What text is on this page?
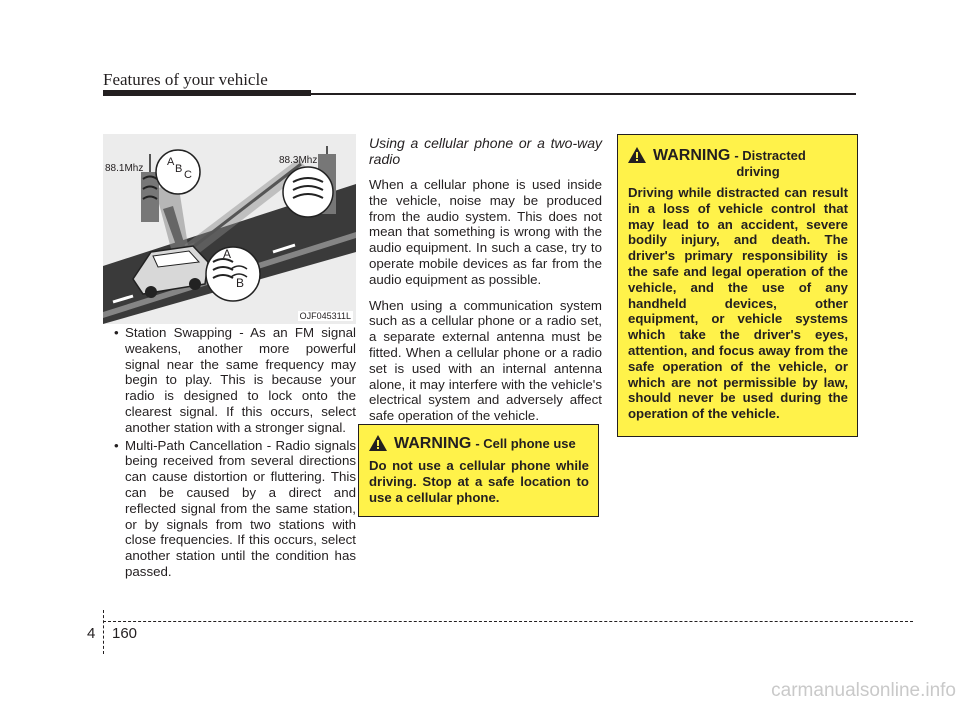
Features of your vehicle
88.1Mhz
88.3Mhz
A
B C
A
B
OJF045311L
• Station Swapping - As an FM signal weakens, another more powerful signal near the same frequency may begin to play. This is because your radio is designed to lock onto the clearest signal. If this occurs, select another station with a stronger signal.
• Multi-Path Cancellation - Radio signals being received from several directions can cause distortion or fluttering. This can be caused by a direct and reflected signal from the same station, or by signals from two stations with close frequencies. If this occurs, select another station until the condition has passed.
Using a cellular phone or a two-way radio

When a cellular phone is used inside the vehicle, noise may be produced from the audio system. This does not mean that something is wrong with the audio equipment. In such a case, try to operate mobile devices as far from the audio equipment as possible.

When using a communication system such as a cellular phone or a radio set, a separate external antenna must be fitted. When a cellular phone or a radio set is used with an internal antenna alone, it may interfere with the vehicle's electrical system and adversely affect safe operation of the vehicle.

WARNING - Cell phone use
Do not use a cellular phone while driving. Stop at a safe location to use a cellular phone.
WARNING - Distracted
driving
Driving while distracted can result in a loss of vehicle control that may lead to an accident, severe bodily injury, and death. The driver's primary responsibility is the safe and legal operation of the vehicle, and the use of any handheld devices, other equipment, or vehicle systems which take the driver's eyes, attention, and focus away from the safe operation of the vehicle, or which are not permissible by law, should never be used during the operation of the vehicle.
4 160
carmanualsonline.info
